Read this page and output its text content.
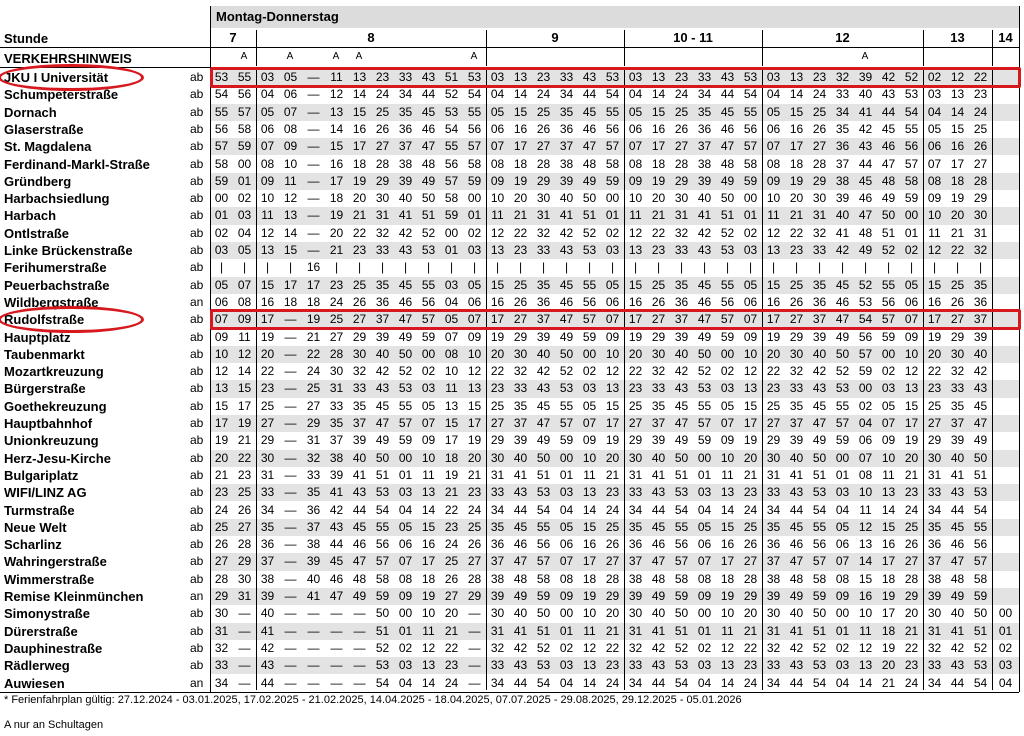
Montag-Donnerstag
Stunde
VERKEHRSHINWEIS
7	8	9	10 - 11	12	13	14
A	A	A	A	A	A
JKU I Universität	ab 53 55 03 05 — 11 13 23 33 43 51 53 03 13 23 33 43 53 03 13 23 33 43 53 03 13 23 32 39 42 52 02 12 22
Schumpeterstraße	ab 54 56 04 06 — 12 14 24 34 44 52 54 04 14 24 34 44 54 04 14 24 34 44 54 04 14 24 33 40 43 53 03 13 23
Dornach	ab 55 57 05 07 — 13 15 25 35 45 53 55 05 15 25 35 45 55 05 15 25 35 45 55 05 15 25 34 41 44 54 04 14 24
Glaserstraße	ab 56 58 06 08 — 14 16 26 36 46 54 56 06 16 26 36 46 56 06 16 26 36 46 56 06 16 26 35 42 45 55 05 15 25
St. Magdalena	ab 57 59 07 09 — 15 17 27 37 47 55 57 07 17 27 37 47 57 07 17 27 37 47 57 07 17 27 36 43 46 56 06 16 26
Ferdinand-Markl-Straße	ab 58 00 08 10 — 16 18 28 38 48 56 58 08 18 28 38 48 58 08 18 28 38 48 58 08 18 28 37 44 47 57 07 17 27
Gründberg	ab 59 01 09 11 — 17 19 29 39 49 57 59 09 19 29 39 49 59 09 19 29 39 49 59 09 19 29 38 45 48 58 08 18 28
Harbachsiedlung	ab 00 02 10 12 — 18 20 30 40 50 58 00 10 20 30 40 50 00 10 20 30 40 50 00 10 20 30 39 46 49 59 09 19 29
Harbach	ab 01 03 11 13 — 19 21 31 41 51 59 01 11 21 31 41 51 01 11 21 31 41 51 01 11 21 31 40 47 50 00 10 20 30
Ontlstraße	ab 02 04 12 14 — 20 22 32 42 52 00 02 12 22 32 42 52 02 12 22 32 42 52 02 12 22 32 41 48 51 01 11 21 31
Linke Brückenstraße	ab 03 05 13 15 — 21 23 33 43 53 01 03 13 23 33 43 53 03 13 23 33 43 53 03 13 23 33 42 49 52 02 12 22 32
Ferihumerstraße	ab	|	|	|	|	16	|	|	|	|	|	|	|	|	|	|	|	|	|	|	|	|	|	|	|	|	|	|	|	|	|	|	|	|	|
Peuerbachstraße	ab 05 07 15 17 17 23 25 35 45 55 03 05 15 25 35 45 55 05 15 25 35 45 55 05 15 25 35 45 52 55 05 15 25 35
Wildbergstraße	an 06 08 16 18 18 24 26 36 46 56 04 06 16 26 36 46 56 06 16 26 36 46 56 06 16 26 36 46 53 56 06 16 26 36
Rudolfstraße	ab 07 09 17 — 19 25 27 37 47 57 05 07 17 27 37 47 57 07 17 27 37 47 57 07 17 27 37 47 54 57 07 17 27 37
Hauptplatz	ab 09 11 19 — 21 27 29 39 49 59 07 09 19 29 39 49 59 09 19 29 39 49 59 09 19 29 39 49 56 59 09 19 29 39
Taubenmarkt	ab 10 12 20 — 22 28 30 40 50 00 08 10 20 30 40 50 00 10 20 30 40 50 00 10 20 30 40 50 57 00 10 20 30 40
Mozartkreuzung	ab 12 14 22 — 24 30 32 42 52 02 10 12 22 32 42 52 02 12 22 32 42 52 02 12 22 32 42 52 59 02 12 22 32 42
Bürgerstraße	ab 13 15 23 — 25 31 33 43 53 03 11 13 23 33 43 53 03 13 23 33 43 53 03 13 23 33 43 53 00 03 13 23 33 43
Goethekreuzung	ab 15 17 25 — 27 33 35 45 55 05 13 15 25 35 45 55 05 15 25 35 45 55 05 15 25 35 45 55 02 05 15 25 35 45
Hauptbahnhof	ab 17 19 27 — 29 35 37 47 57 07 15 17 27 37 47 57 07 17 27 37 47 57 07 17 27 37 47 57 04 07 17 27 37 47
Unionkreuzung	ab 19 21 29 — 31 37 39 49 59 09 17 19 29 39 49 59 09 19 29 39 49 59 09 19 29 39 49 59 06 09 19 29 39 49
Herz-Jesu-Kirche	ab 20 22 30 — 32 38 40 50 00 10 18 20 30 40 50 00 10 20 30 40 50 00 10 20 30 40 50 00 07 10 20 30 40 50
Bulgariplatz	ab 21 23 31 — 33 39 41 51 01 11 19 21 31 41 51 01 11 21 31 41 51 01 11 21 31 41 51 01 08 11 21 31 41 51
WIFI/LINZ AG	ab 23 25 33 — 35 41 43 53 03 13 21 23 33 43 53 03 13 23 33 43 53 03 13 23 33 43 53 03 10 13 23 33 43 53
Turmstraße	ab 24 26 34 — 36 42 44 54 04 14 22 24 34 44 54 04 14 24 34 44 54 04 14 24 34 44 54 04 11 14 24 34 44 54
Neue Welt	ab 25 27 35 — 37 43 45 55 05 15 23 25 35 45 55 05 15 25 35 45 55 05 15 25 35 45 55 05 12 15 25 35 45 55
Scharlinz	ab 26 28 36 — 38 44 46 56 06 16 24 26 36 46 56 06 16 26 36 46 56 06 16 26 36 46 56 06 13 16 26 36 46 56
Wahringerstraße	ab 27 29 37 — 39 45 47 57 07 17 25 27 37 47 57 07 17 27 37 47 57 07 17 27 37 47 57 07 14 17 27 37 47 57
Wimmerstraße	ab 28 30 38 — 40 46 48 58 08 18 26 28 38 48 58 08 18 28 38 48 58 08 18 28 38 48 58 08 15 18 28 38 48 58
Remise Kleinmünchen	an 29 31 39 — 41 47 49 59 09 19 27 29 39 49 59 09 19 29 39 49 59 09 19 29 39 49 59 09 16 19 29 39 49 59
Simonystraße	ab 30 — 40 — — — — 50 00 10 20 — 30 40 50 00 10 20 30 40 50 00 10 20 30 40 50 00 10 17 20 30 40 50 00
Dürerstraße	ab 31 — 41 — — — — 51 01 11 21 — 31 41 51 01 11 21 31 41 51 01 11 21 31 41 51 01 11 18 21 31 41 51 01
Dauphinestraße	ab 32 — 42 — — — — 52 02 12 22 — 32 42 52 02 12 22 32 42 52 02 12 22 32 42 52 02 12 19 22 32 42 52 02
Rädlerweg	ab 33 — 43 — — — — 53 03 13 23 — 33 43 53 03 13 23 33 43 53 03 13 23 33 43 53 03 13 20 23 33 43 53 03
Auwiesen	an 34 — 44 — — — — 54 04 14 24 — 34 44 54 04 14 24 34 44 54 04 14 24 34 44 54 04 14 21 24 34 44 54 04
* Ferienfahrplan gültig: 27.12.2024 - 03.01.2025, 17.02.2025 - 21.02.2025, 14.04.2025 - 18.04.2025, 07.07.2025 - 29.08.2025, 29.12.2025 - 05.01.2026
A nur an Schultagen
